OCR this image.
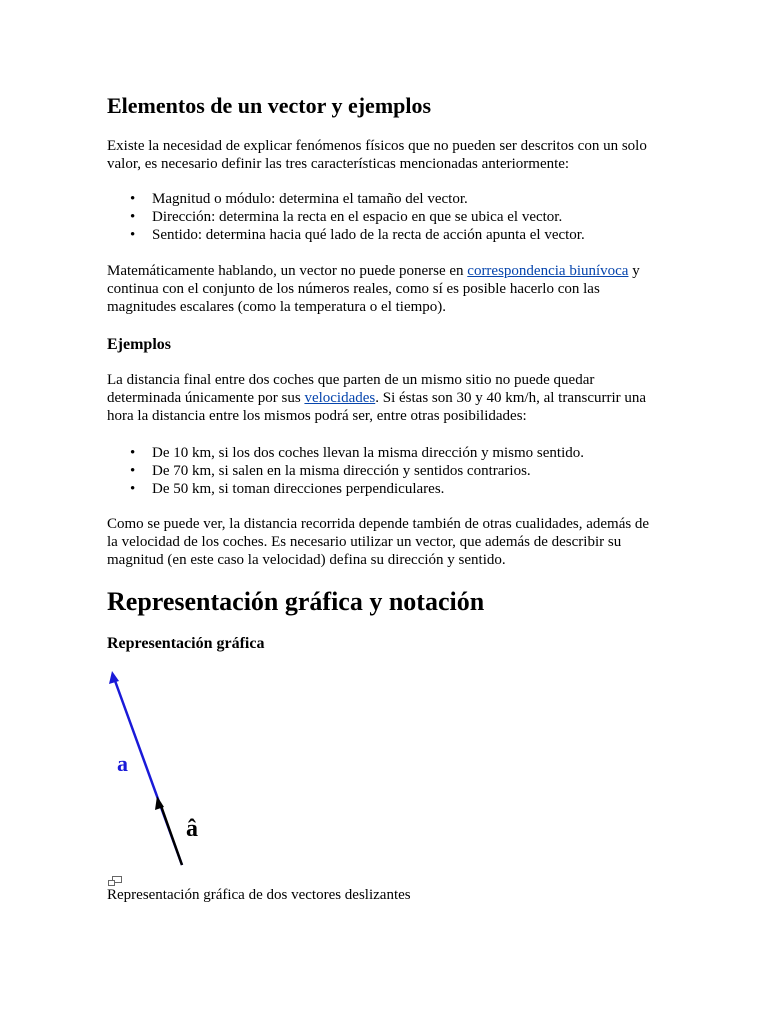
Elementos de un vector y ejemplos
Existe la necesidad de explicar fenómenos físicos que no pueden ser descritos con un solo
valor, es necesario definir las tres características mencionadas anteriormente:
• Magnitud o módulo: determina el tamaño del vector.
• Dirección: determina la recta en el espacio en que se ubica el vector.
• Sentido: determina hacia qué lado de la recta de acción apunta el vector.
Matemáticamente hablando, un vector no puede ponerse en correspondencia biunívoca y
continua con el conjunto de los números reales, como sí es posible hacerlo con las
magnitudes escalares (como la temperatura o el tiempo).
Ejemplos
La distancia final entre dos coches que parten de un mismo sitio no puede quedar
determinada únicamente por sus velocidades. Si éstas son 30 y 40 km/h, al transcurrir una
hora la distancia entre los mismos podrá ser, entre otras posibilidades:
• De 10 km, si los dos coches llevan la misma dirección y mismo sentido.
• De 70 km, si salen en la misma dirección y sentidos contrarios.
• De 50 km, si toman direcciones perpendiculares.
Como se puede ver, la distancia recorrida depende también de otras cualidades, además de
la velocidad de los coches. Es necesario utilizar un vector, que además de describir su
magnitud (en este caso la velocidad) defina su dirección y sentido.
Representación gráfica y notación
Representación gráfica
a
â
Representación gráfica de dos vectores deslizantes
